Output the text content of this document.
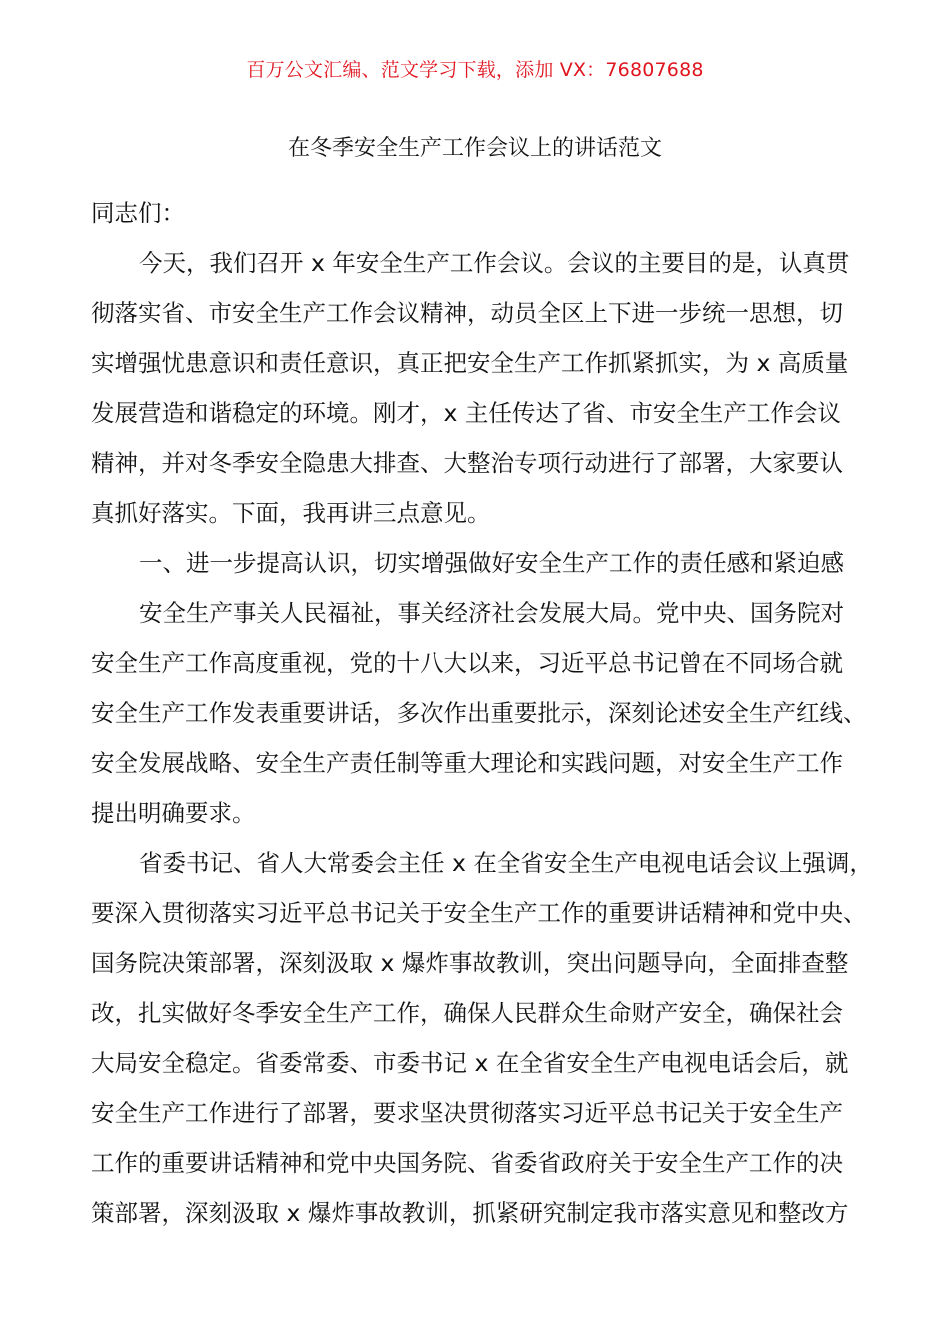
百万公文汇编、范文学习下载，添加 VX：76807688
在冬季安全生产工作会议上的讲话范文
同志们：
今天，我们召开 x 年安全生产工作会议。会议的主要目的是，认真贯
彻落实省、市安全生产工作会议精神，动员全区上下进一步统一思想，切
实增强忧患意识和责任意识，真正把安全生产工作抓紧抓实，为 x 高质量
发展营造和谐稳定的环境。刚才，x 主任传达了省、市安全生产工作会议
精神，并对冬季安全隐患大排查、大整治专项行动进行了部署，大家要认
真抓好落实。下面，我再讲三点意见。
一、进一步提高认识，切实增强做好安全生产工作的责任感和紧迫感
安全生产事关人民福祉，事关经济社会发展大局。党中央、国务院对
安全生产工作高度重视，党的十八大以来，习近平总书记曾在不同场合就
安全生产工作发表重要讲话，多次作出重要批示，深刻论述安全生产红线、
安全发展战略、安全生产责任制等重大理论和实践问题，对安全生产工作
提出明确要求。
省委书记、省人大常委会主任 x 在全省安全生产电视电话会议上强调，
要深入贯彻落实习近平总书记关于安全生产工作的重要讲话精神和党中央、
国务院决策部署，深刻汲取 x 爆炸事故教训，突出问题导向，全面排查整
改，扎实做好冬季安全生产工作，确保人民群众生命财产安全，确保社会
大局安全稳定。省委常委、市委书记 x 在全省安全生产电视电话会后，就
安全生产工作进行了部署，要求坚决贯彻落实习近平总书记关于安全生产
工作的重要讲话精神和党中央国务院、省委省政府关于安全生产工作的决
策部署，深刻汲取 x 爆炸事故教训，抓紧研究制定我市落实意见和整改方
